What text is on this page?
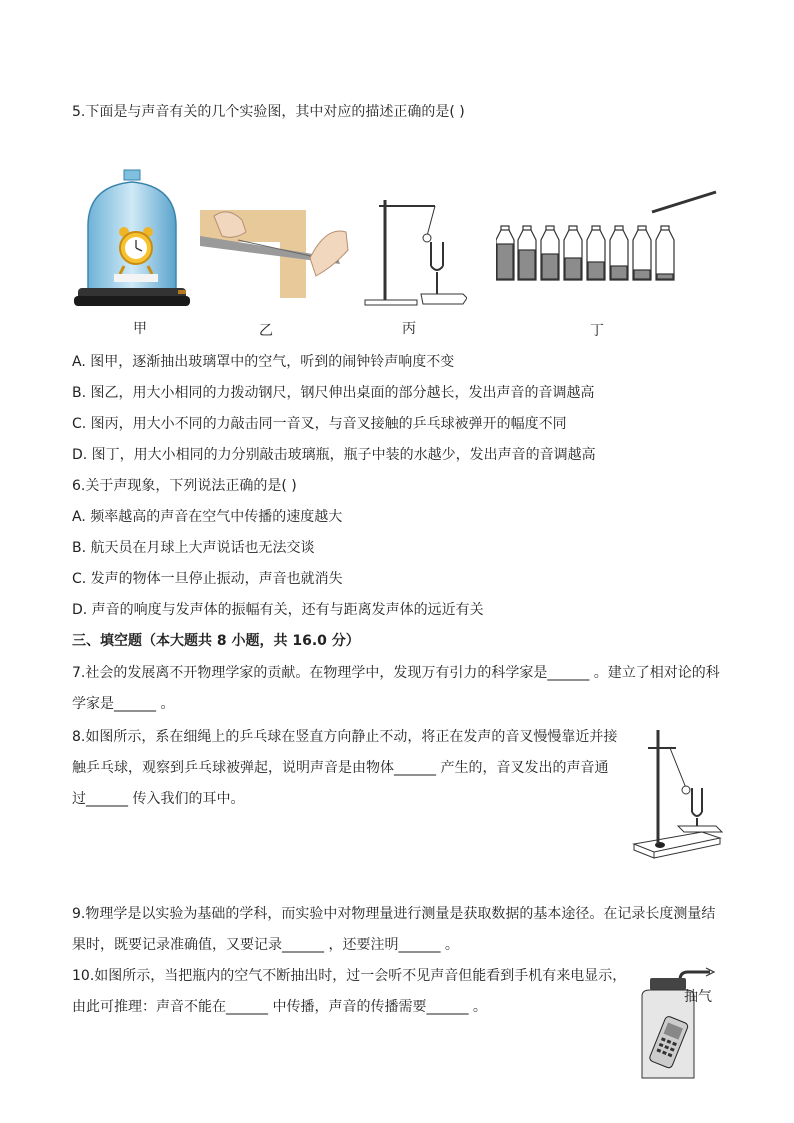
5.下面是与声音有关的几个实验图，其中对应的描述正确的是( )
甲	乙	丙	丁
A. 图甲，逐渐抽出玻璃罩中的空气，听到的闹钟铃声响度不变
B. 图乙，用大小相同的力拨动钢尺，钢尺伸出桌面的部分越长，发出声音的音调越高
C. 图丙，用大小不同的力敲击同一音叉，与音叉接触的乒乓球被弹开的幅度不同
D. 图丁，用大小相同的力分别敲击玻璃瓶，瓶子中装的水越少，发出声音的音调越高
6.关于声现象，下列说法正确的是( )
A. 频率越高的声音在空气中传播的速度越大
B. 航天员在月球上大声说话也无法交谈
C. 发声的物体一旦停止振动，声音也就消失
D. 声音的响度与发声体的振幅有关，还有与距离发声体的远近有关
三、填空题（本大题共 8 小题，共 16.0 分）
7.社会的发展离不开物理学家的贡献。在物理学中，发现万有引力的科学家是______ 。建立了相对论的科
学家是______ 。
8.如图所示，系在细绳上的乒乓球在竖直方向静止不动，将正在发声的音叉慢慢靠近并接
触乒乓球，观察到乒乓球被弹起，说明声音是由物体______ 产生的，音叉发出的声音通
过______ 传入我们的耳中。
9.物理学是以实验为基础的学科，而实验中对物理量进行测量是获取数据的基本途径。在记录长度测量结
果时，既要记录准确值，又要记录______ ，还要注明______ 。
10.如图所示，当把瓶内的空气不断抽出时，过一会听不见声音但能看到手机有来电显示，
由此可推理：声音不能在______ 中传播，声音的传播需要______ 。
抽气
